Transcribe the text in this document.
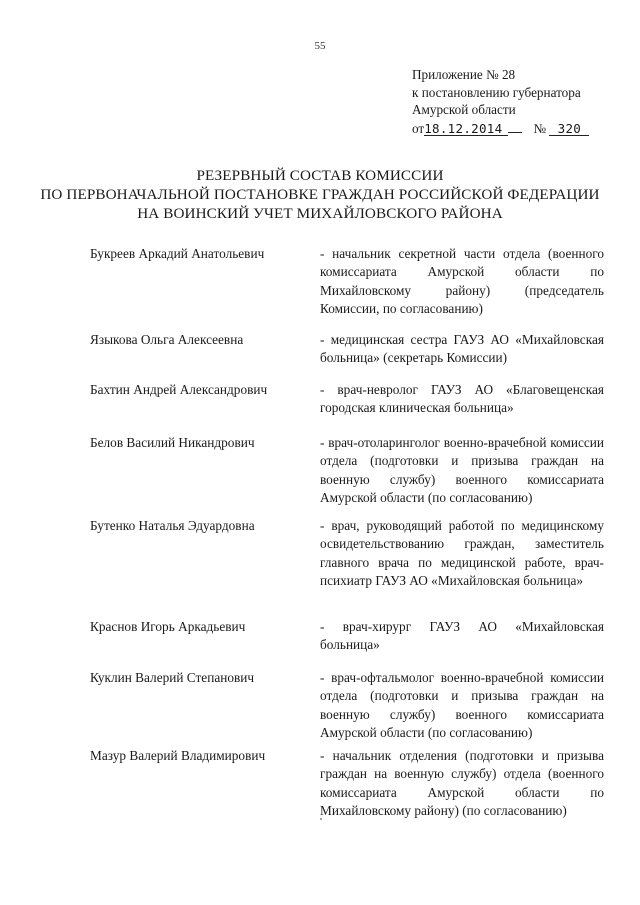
55
Приложение № 28
к постановлению губернатора
Амурской области
от18.12.2014 № 320
РЕЗЕРВНЫЙ СОСТАВ КОМИССИИ
ПО ПЕРВОНАЧАЛЬНОЙ ПОСТАНОВКЕ ГРАЖДАН РОССИЙСКОЙ ФЕДЕРАЦИИ
НА ВОИНСКИЙ УЧЕТ МИХАЙЛОВСКОГО РАЙОНА
Букреев Аркадий Анатольевич	- начальник секретной части отдела (военного комиссариата Амурской области по Михайловскому району) (председатель Комиссии, по согласованию)
Языкова Ольга Алексеевна	- медицинская сестра ГАУЗ АО «Михайловская больница» (секретарь Комиссии)
Бахтин Андрей Александрович	- врач-невролог ГАУЗ АО «Благовещенская городская клиническая больница»
Белов Василий Никандрович	- врач-отоларинголог военно-врачебной комиссии отдела (подготовки и призыва граждан на военную службу) военного комиссариата Амурской области (по согласованию)
Бутенко Наталья Эдуардовна	- врач, руководящий работой по медицинскому освидетельствованию граждан, заместитель главного врача по медицинской работе, врач-психиатр ГАУЗ АО «Михайловская больница»
Краснов Игорь Аркадьевич	- врач-хирург ГАУЗ АО «Михайловская больница»
Куклин Валерий Степанович	- врач-офтальмолог военно-врачебной комиссии отдела (подготовки и призыва граждан на военную службу) военного комиссариата Амурской области (по согласованию)
Мазур Валерий Владимирович	- начальник отделения (подготовки и призыва граждан на военную службу) отдела (военного комиссариата Амурской области по Михайловскому району) (по согласованию)
